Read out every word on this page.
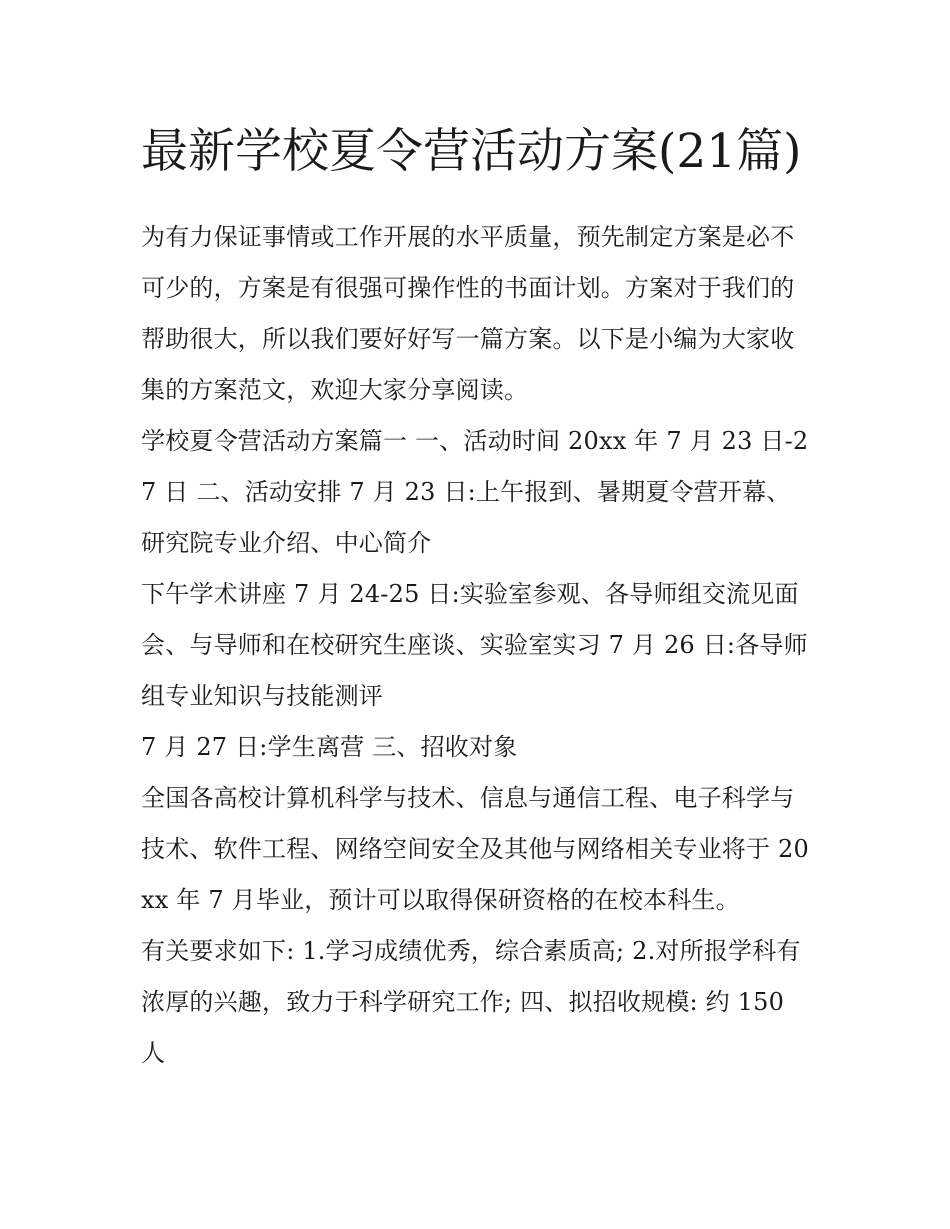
最新学校夏令营活动方案(21篇)

为有力保证事情或工作开展的水平质量，预先制定方案是必不可少的，方案是有很强可操作性的书面计划。方案对于我们的帮助很大，所以我们要好好写一篇方案。以下是小编为大家收集的方案范文，欢迎大家分享阅读。

学校夏令营活动方案篇一 一、活动时间 20xx 年 7 月 23 日-27 日 二、活动安排 7 月 23 日:上午报到、暑期夏令营开幕、研究院专业介绍、中心简介

下午学术讲座 7 月 24-25 日:实验室参观、各导师组交流见面会、与导师和在校研究生座谈、实验室实习 7 月 26 日:各导师组专业知识与技能测评

7 月 27 日:学生离营 三、招收对象

全国各高校计算机科学与技术、信息与通信工程、电子科学与技术、软件工程、网络空间安全及其他与网络相关专业将于 20xx 年 7 月毕业，预计可以取得保研资格的在校本科生。

有关要求如下: 1.学习成绩优秀，综合素质高; 2.对所报学科有浓厚的兴趣，致力于科学研究工作; 四、拟招收规模: 约 150 人
